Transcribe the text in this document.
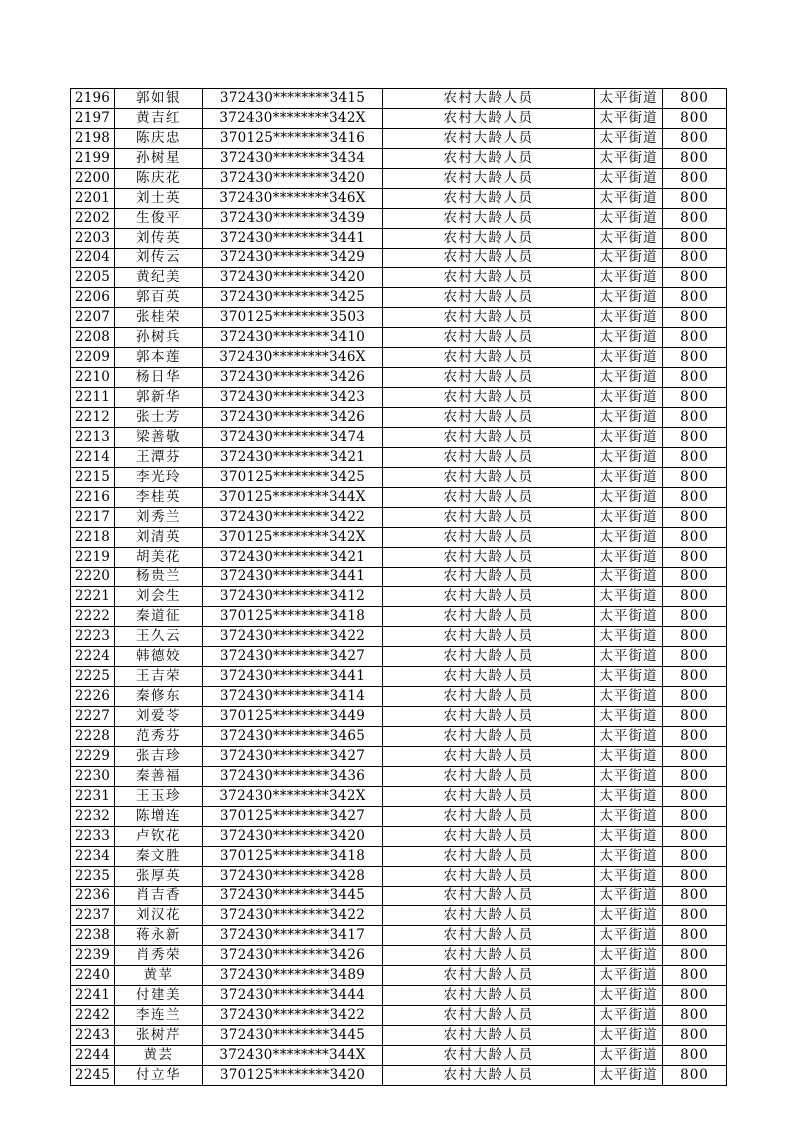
2196	郭如银	372430********3415	农村大龄人员	太平街道	800
2197	黄吉红	372430********342X	农村大龄人员	太平街道	800
2198	陈庆忠	370125********3416	农村大龄人员	太平街道	800
2199	孙树星	372430********3434	农村大龄人员	太平街道	800
2200	陈庆花	372430********3420	农村大龄人员	太平街道	800
2201	刘士英	372430********346X	农村大龄人员	太平街道	800
2202	生俊平	372430********3439	农村大龄人员	太平街道	800
2203	刘传英	372430********3441	农村大龄人员	太平街道	800
2204	刘传云	372430********3429	农村大龄人员	太平街道	800
2205	黄纪美	372430********3420	农村大龄人员	太平街道	800
2206	郭百英	372430********3425	农村大龄人员	太平街道	800
2207	张桂荣	370125********3503	农村大龄人员	太平街道	800
2208	孙树兵	372430********3410	农村大龄人员	太平街道	800
2209	郭本莲	372430********346X	农村大龄人员	太平街道	800
2210	杨日华	372430********3426	农村大龄人员	太平街道	800
2211	郭新华	372430********3423	农村大龄人员	太平街道	800
2212	张士芳	372430********3426	农村大龄人员	太平街道	800
2213	梁善敬	372430********3474	农村大龄人员	太平街道	800
2214	王潭芬	372430********3421	农村大龄人员	太平街道	800
2215	李光玲	370125********3425	农村大龄人员	太平街道	800
2216	李桂英	370125********344X	农村大龄人员	太平街道	800
2217	刘秀兰	372430********3422	农村大龄人员	太平街道	800
2218	刘清英	370125********342X	农村大龄人员	太平街道	800
2219	胡美花	372430********3421	农村大龄人员	太平街道	800
2220	杨贵兰	372430********3441	农村大龄人员	太平街道	800
2221	刘会生	372430********3412	农村大龄人员	太平街道	800
2222	秦道征	370125********3418	农村大龄人员	太平街道	800
2223	王久云	372430********3422	农村大龄人员	太平街道	800
2224	韩德姣	372430********3427	农村大龄人员	太平街道	800
2225	王吉荣	372430********3441	农村大龄人员	太平街道	800
2226	秦修东	372430********3414	农村大龄人员	太平街道	800
2227	刘爱苓	370125********3449	农村大龄人员	太平街道	800
2228	范秀芬	372430********3465	农村大龄人员	太平街道	800
2229	张吉珍	372430********3427	农村大龄人员	太平街道	800
2230	秦善福	372430********3436	农村大龄人员	太平街道	800
2231	王玉珍	372430********342X	农村大龄人员	太平街道	800
2232	陈增连	370125********3427	农村大龄人员	太平街道	800
2233	卢钦花	372430********3420	农村大龄人员	太平街道	800
2234	秦文胜	370125********3418	农村大龄人员	太平街道	800
2235	张厚英	372430********3428	农村大龄人员	太平街道	800
2236	肖吉香	372430********3445	农村大龄人员	太平街道	800
2237	刘汉花	372430********3422	农村大龄人员	太平街道	800
2238	蒋永新	372430********3417	农村大龄人员	太平街道	800
2239	肖秀荣	372430********3426	农村大龄人员	太平街道	800
2240	黄苹	372430********3489	农村大龄人员	太平街道	800
2241	付建美	372430********3444	农村大龄人员	太平街道	800
2242	李连兰	372430********3422	农村大龄人员	太平街道	800
2243	张树芹	372430********3445	农村大龄人员	太平街道	800
2244	黄芸	372430********344X	农村大龄人员	太平街道	800
2245	付立华	370125********3420	农村大龄人员	太平街道	800
